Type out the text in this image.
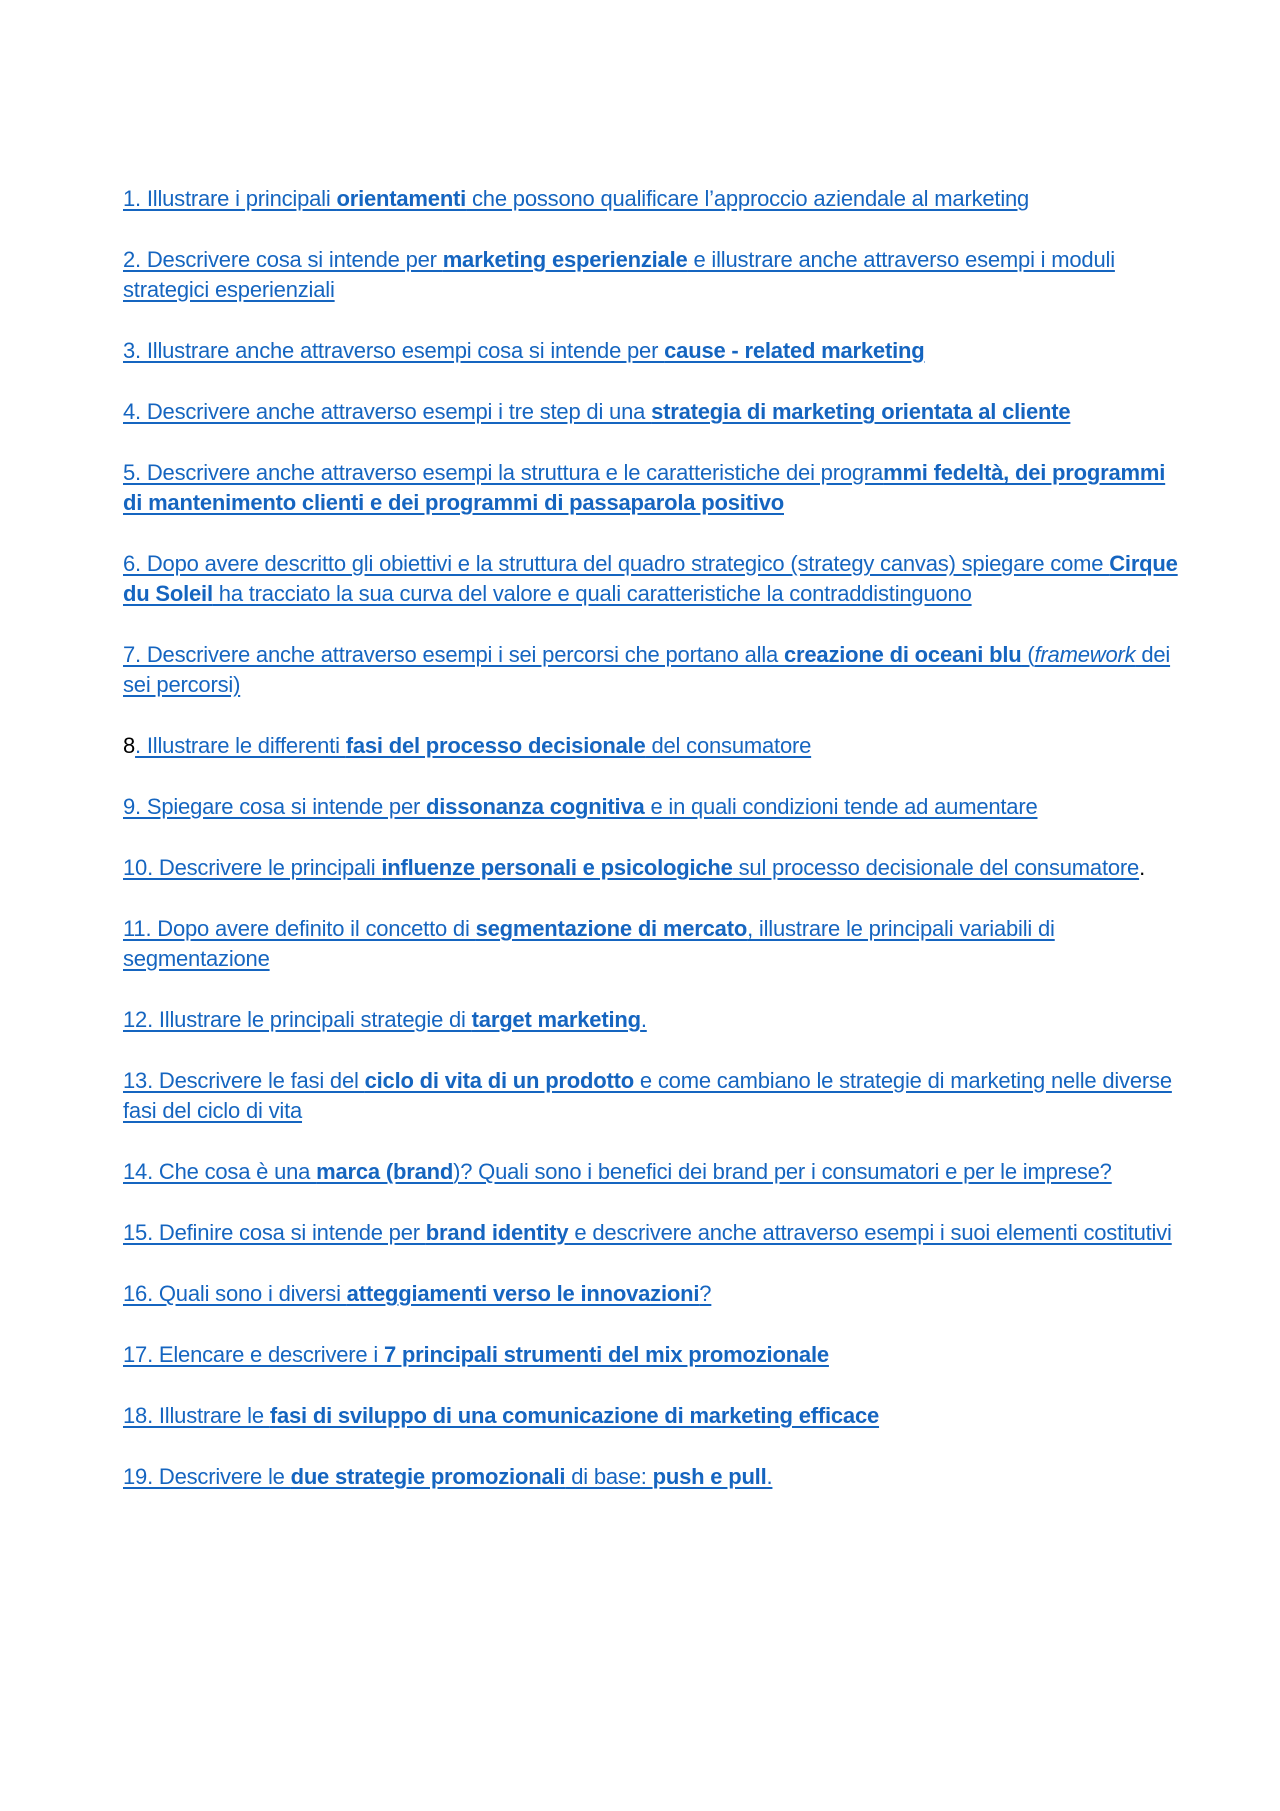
1. Illustrare i principali orientamenti che possono qualificare l’approccio aziendale al marketing
2. Descrivere cosa si intende per marketing esperienziale e illustrare anche attraverso esempi i moduli strategici esperienziali
3. Illustrare anche attraverso esempi cosa si intende per cause - related marketing
4. Descrivere anche attraverso esempi i tre step di una strategia di marketing orientata al cliente
5. Descrivere anche attraverso esempi la struttura e le caratteristiche dei programmi fedeltà, dei programmi di mantenimento clienti e dei programmi di passaparola positivo
6. Dopo avere descritto gli obiettivi e la struttura del quadro strategico (strategy canvas) spiegare come Cirque du Soleil ha tracciato la sua curva del valore e quali caratteristiche la contraddistinguono
7. Descrivere anche attraverso esempi i sei percorsi che portano alla creazione di oceani blu (framework dei sei percorsi)
8. Illustrare le differenti fasi del processo decisionale del consumatore
9. Spiegare cosa si intende per dissonanza cognitiva e in quali condizioni tende ad aumentare
10. Descrivere le principali influenze personali e psicologiche sul processo decisionale del consumatore.
11. Dopo avere definito il concetto di segmentazione di mercato, illustrare le principali variabili di segmentazione
12. Illustrare le principali strategie di target marketing.
13. Descrivere le fasi del ciclo di vita di un prodotto e come cambiano le strategie di marketing nelle diverse fasi del ciclo di vita
14. Che cosa è una marca (brand)? Quali sono i benefici dei brand per i consumatori e per le imprese?
15. Definire cosa si intende per brand identity e descrivere anche attraverso esempi i suoi elementi costitutivi
16. Quali sono i diversi atteggiamenti verso le innovazioni?
17. Elencare e descrivere i 7 principali strumenti del mix promozionale
18. Illustrare le fasi di sviluppo di una comunicazione di marketing efficace
19. Descrivere le due strategie promozionali di base: push e pull.
